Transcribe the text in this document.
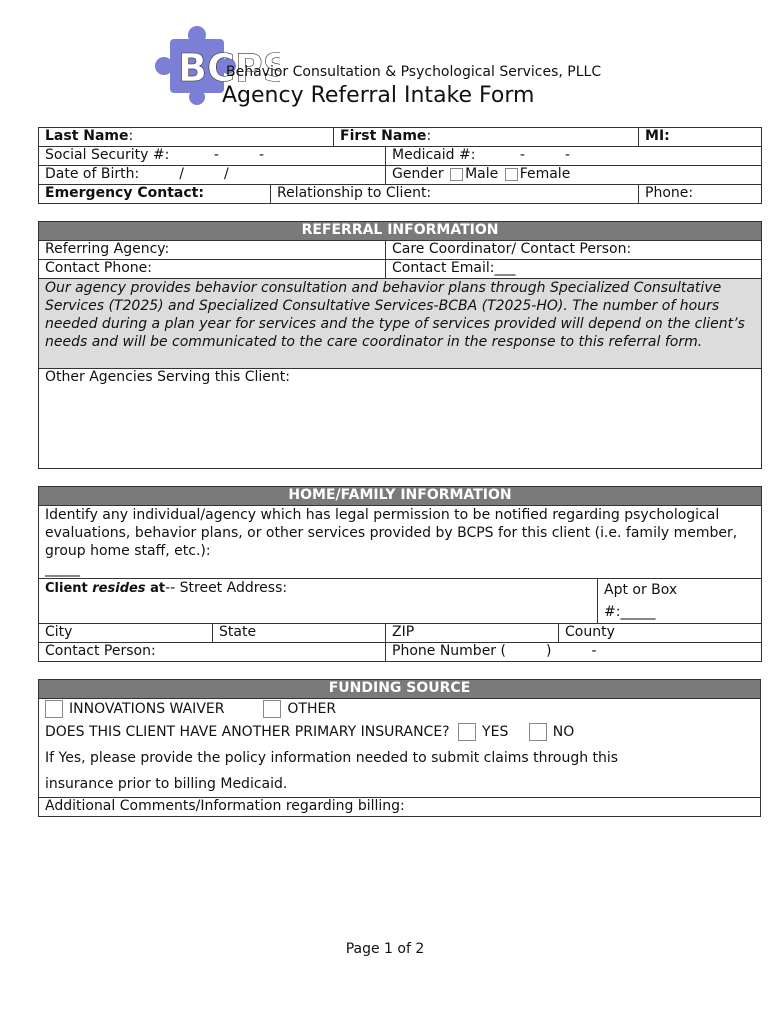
BCPS
Behavior Consultation & Psychological Services, PLLC
Agency Referral Intake Form
Last Name:		First Name:		MI:
Social Security #:          -         -			Medicaid #:          -         -	
Date of Birth:         /         /			Gender Male Female	
Emergency Contact:	Relationship to Client:			Phone:
REFERRAL INFORMATION	
Referring Agency:	Care Coordinator/ Contact Person:
Contact Phone:	Contact Email:___
Our agency provides behavior consultation and behavior plans through Specialized Consultative Services (T2025) and Specialized Consultative Services-BCBA (T2025-HO). The number of hours needed during a plan year for services and the type of services provided will depend on the client’s needs and will be communicated to the care coordinator in the response to this referral form.	
Other Agencies Serving this Client:	
HOME/FAMILY INFORMATION				
Identify any individual/agency which has legal permission to be notified regarding psychological evaluations, behavior plans, or other services provided by BCPS for this client (i.e. family member, group home staff, etc.):
_____				
Client resides at-- Street Address:				Apt or Box
#:_____
City	State	ZIP	County	
Contact Person:		Phone Number (         )         -		
FUNDING SOURCE

INNOVATIONS WAIVER	OTHER
DOES THIS CLIENT HAVE ANOTHER PRIMARY INSURANCE? YES	NO
If Yes, please provide the policy information needed to submit claims through this
insurance prior to billing Medicaid.

Additional Comments/Information regarding billing:
Page 1 of 2
